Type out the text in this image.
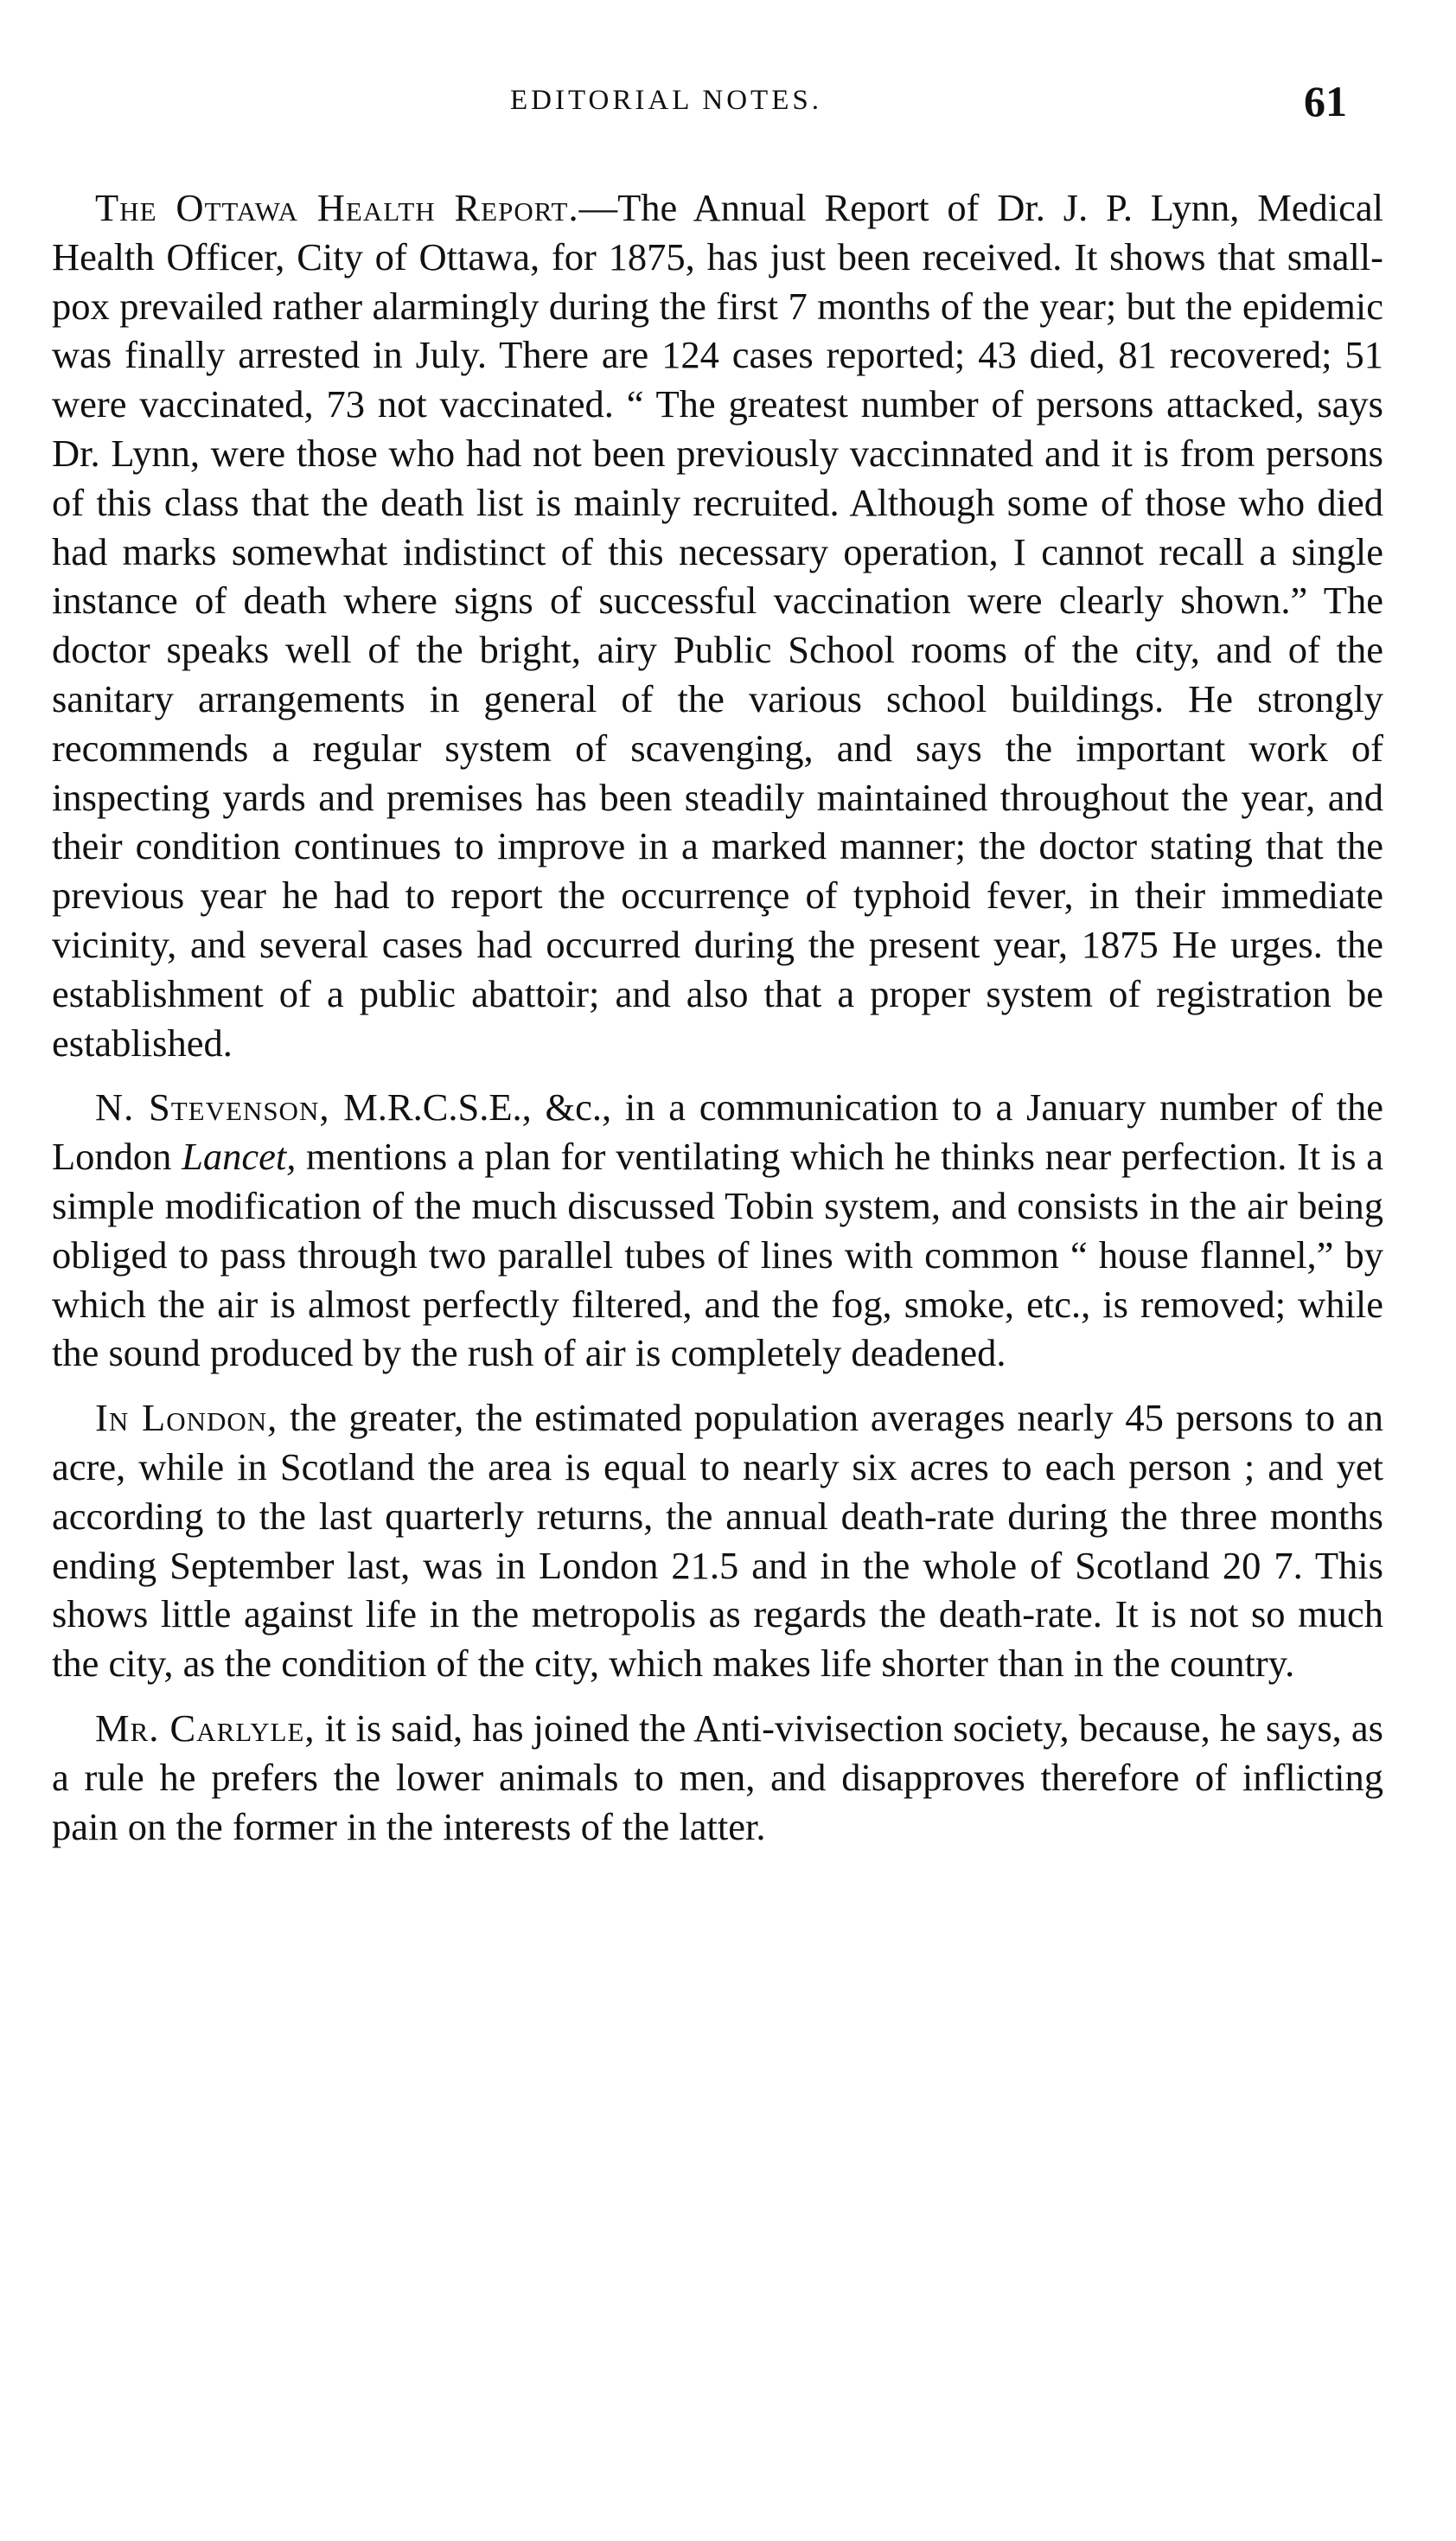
EDITORIAL NOTES.	61

The Ottawa Health Report.—The Annual Report of Dr. J. P. Lynn, Medical Health Officer, City of Ottawa, for 1875, has just been received. It shows that small-pox prevailed rather alarmingly during the first 7 months of the year; but the epidemic was finally arrested in July. There are 124 cases reported; 43 died, 81 recovered; 51 were vaccinated, 73 not vaccinated. “ The greatest number of persons attacked, says Dr. Lynn, were those who had not been previously vaccinnated and it is from persons of this class that the death list is mainly recruited. Although some of those who died had marks somewhat indistinct of this necessary operation, I cannot recall a single instance of death where signs of successful vaccination were clearly shown.” The doctor speaks well of the bright, airy Public School rooms of the city, and of the sanitary arrangements in general of the various school buildings. He strongly recommends a regular system of scavenging, and says the important work of inspecting yards and premises has been steadily maintained throughout the year, and their condition continues to improve in a marked manner; the doctor stating that the previous year he had to report the occurrençe of typhoid fever, in their immediate vicinity, and several cases had occurred during the present year, 1875 He urges. the establishment of a public abattoir; and also that a proper system of registration be established.

N. Stevenson, M.R.C.S.E., &c., in a communication to a January number of the London Lancet, mentions a plan for ventilating which he thinks near perfection. It is a simple modification of the much discussed Tobin system, and consists in the air being obliged to pass through two parallel tubes of lines with common “ house flannel,” by which the air is almost perfectly filtered, and the fog, smoke, etc., is removed; while the sound produced by the rush of air is completely deadened.

In London, the greater, the estimated population averages nearly 45 persons to an acre, while in Scotland the area is equal to nearly six acres to each person ; and yet according to the last quarterly returns, the annual death-rate during the three months ending September last, was in London 21.5 and in the whole of Scotland 20 7. This shows little against life in the metropolis as regards the death-rate. It is not so much the city, as the condition of the city, which makes life shorter than in the country.

Mr. Carlyle, it is said, has joined the Anti-vivisection society, because, he says, as a rule he prefers the lower animals to men, and disapproves therefore of inflicting pain on the former in the interests of the latter.
